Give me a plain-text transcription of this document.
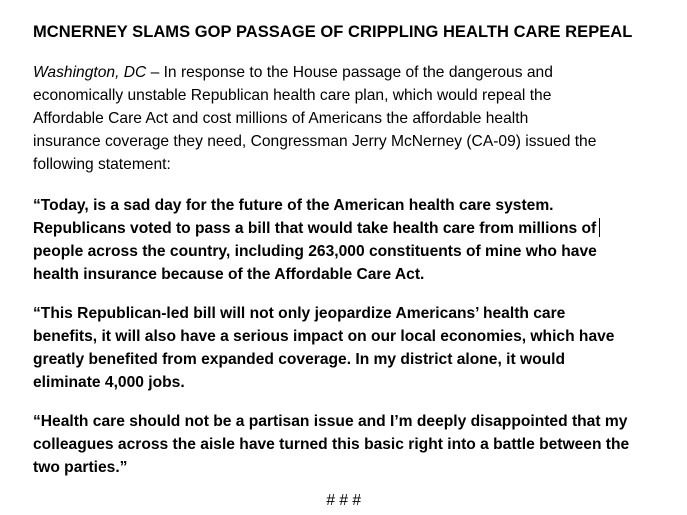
MCNERNEY SLAMS GOP PASSAGE OF CRIPPLING HEALTH CARE REPEAL
Washington, DC – In response to the House passage of the dangerous and
economically unstable Republican health care plan, which would repeal the
Affordable Care Act and cost millions of Americans the affordable health
insurance coverage they need, Congressman Jerry McNerney (CA-09) issued the
following statement:
“Today, is a sad day for the future of the American health care system.
Republicans voted to pass a bill that would take health care from millions of
people across the country, including 263,000 constituents of mine who have
health insurance because of the Affordable Care Act.
“This Republican-led bill will not only jeopardize Americans’ health care
benefits, it will also have a serious impact on our local economies, which have
greatly benefited from expanded coverage. In my district alone, it would
eliminate 4,000 jobs.
“Health care should not be a partisan issue and I’m deeply disappointed that my
colleagues across the aisle have turned this basic right into a battle between the
two parties.”
# # #
